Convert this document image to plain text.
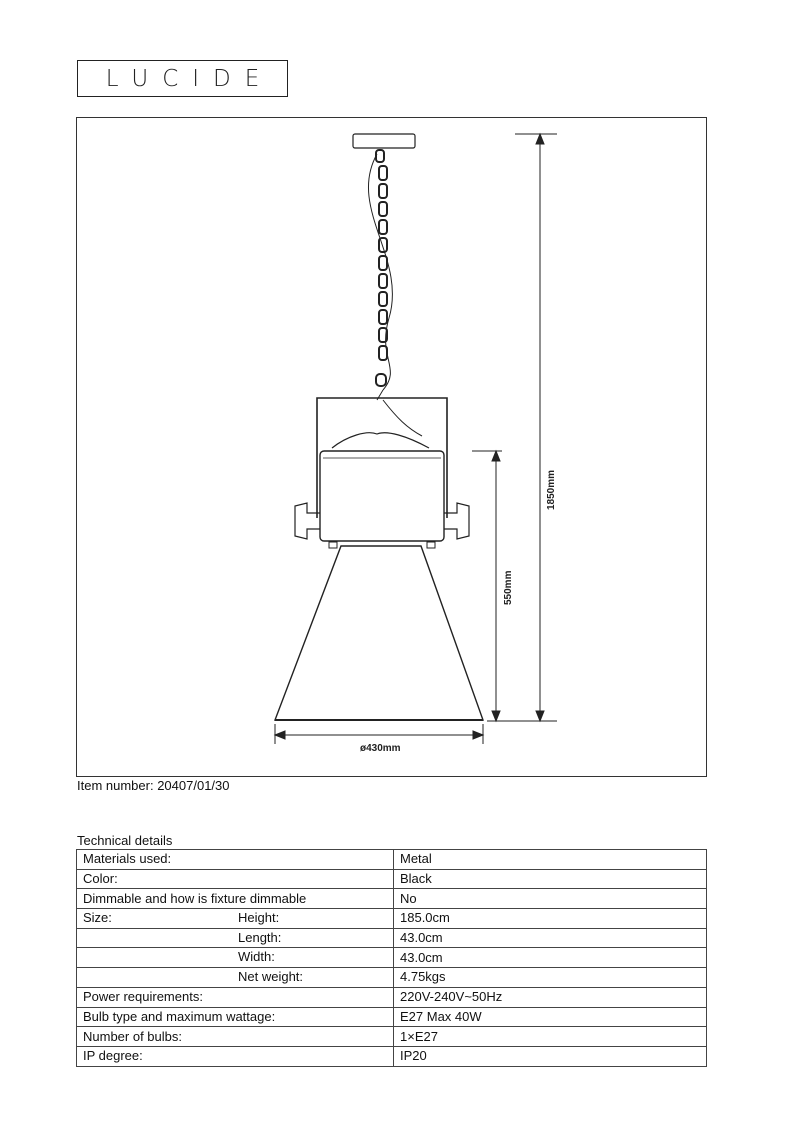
LUCIDE
1850mm
550mm
ø430mm
Item number: 20407/01/30
Technical details
Materials used:	Metal
Color:	Black
Dimmable and how is fixture dimmable	No
Size: Height:	185.0cm

Length:	43.0cm

Width:	43.0cm

Net weight:	4.75kgs
Power requirements:	220V-240V~50Hz
Bulb type and maximum wattage:	E27 Max 40W
Number of bulbs:	1×E27
IP degree:	IP20
